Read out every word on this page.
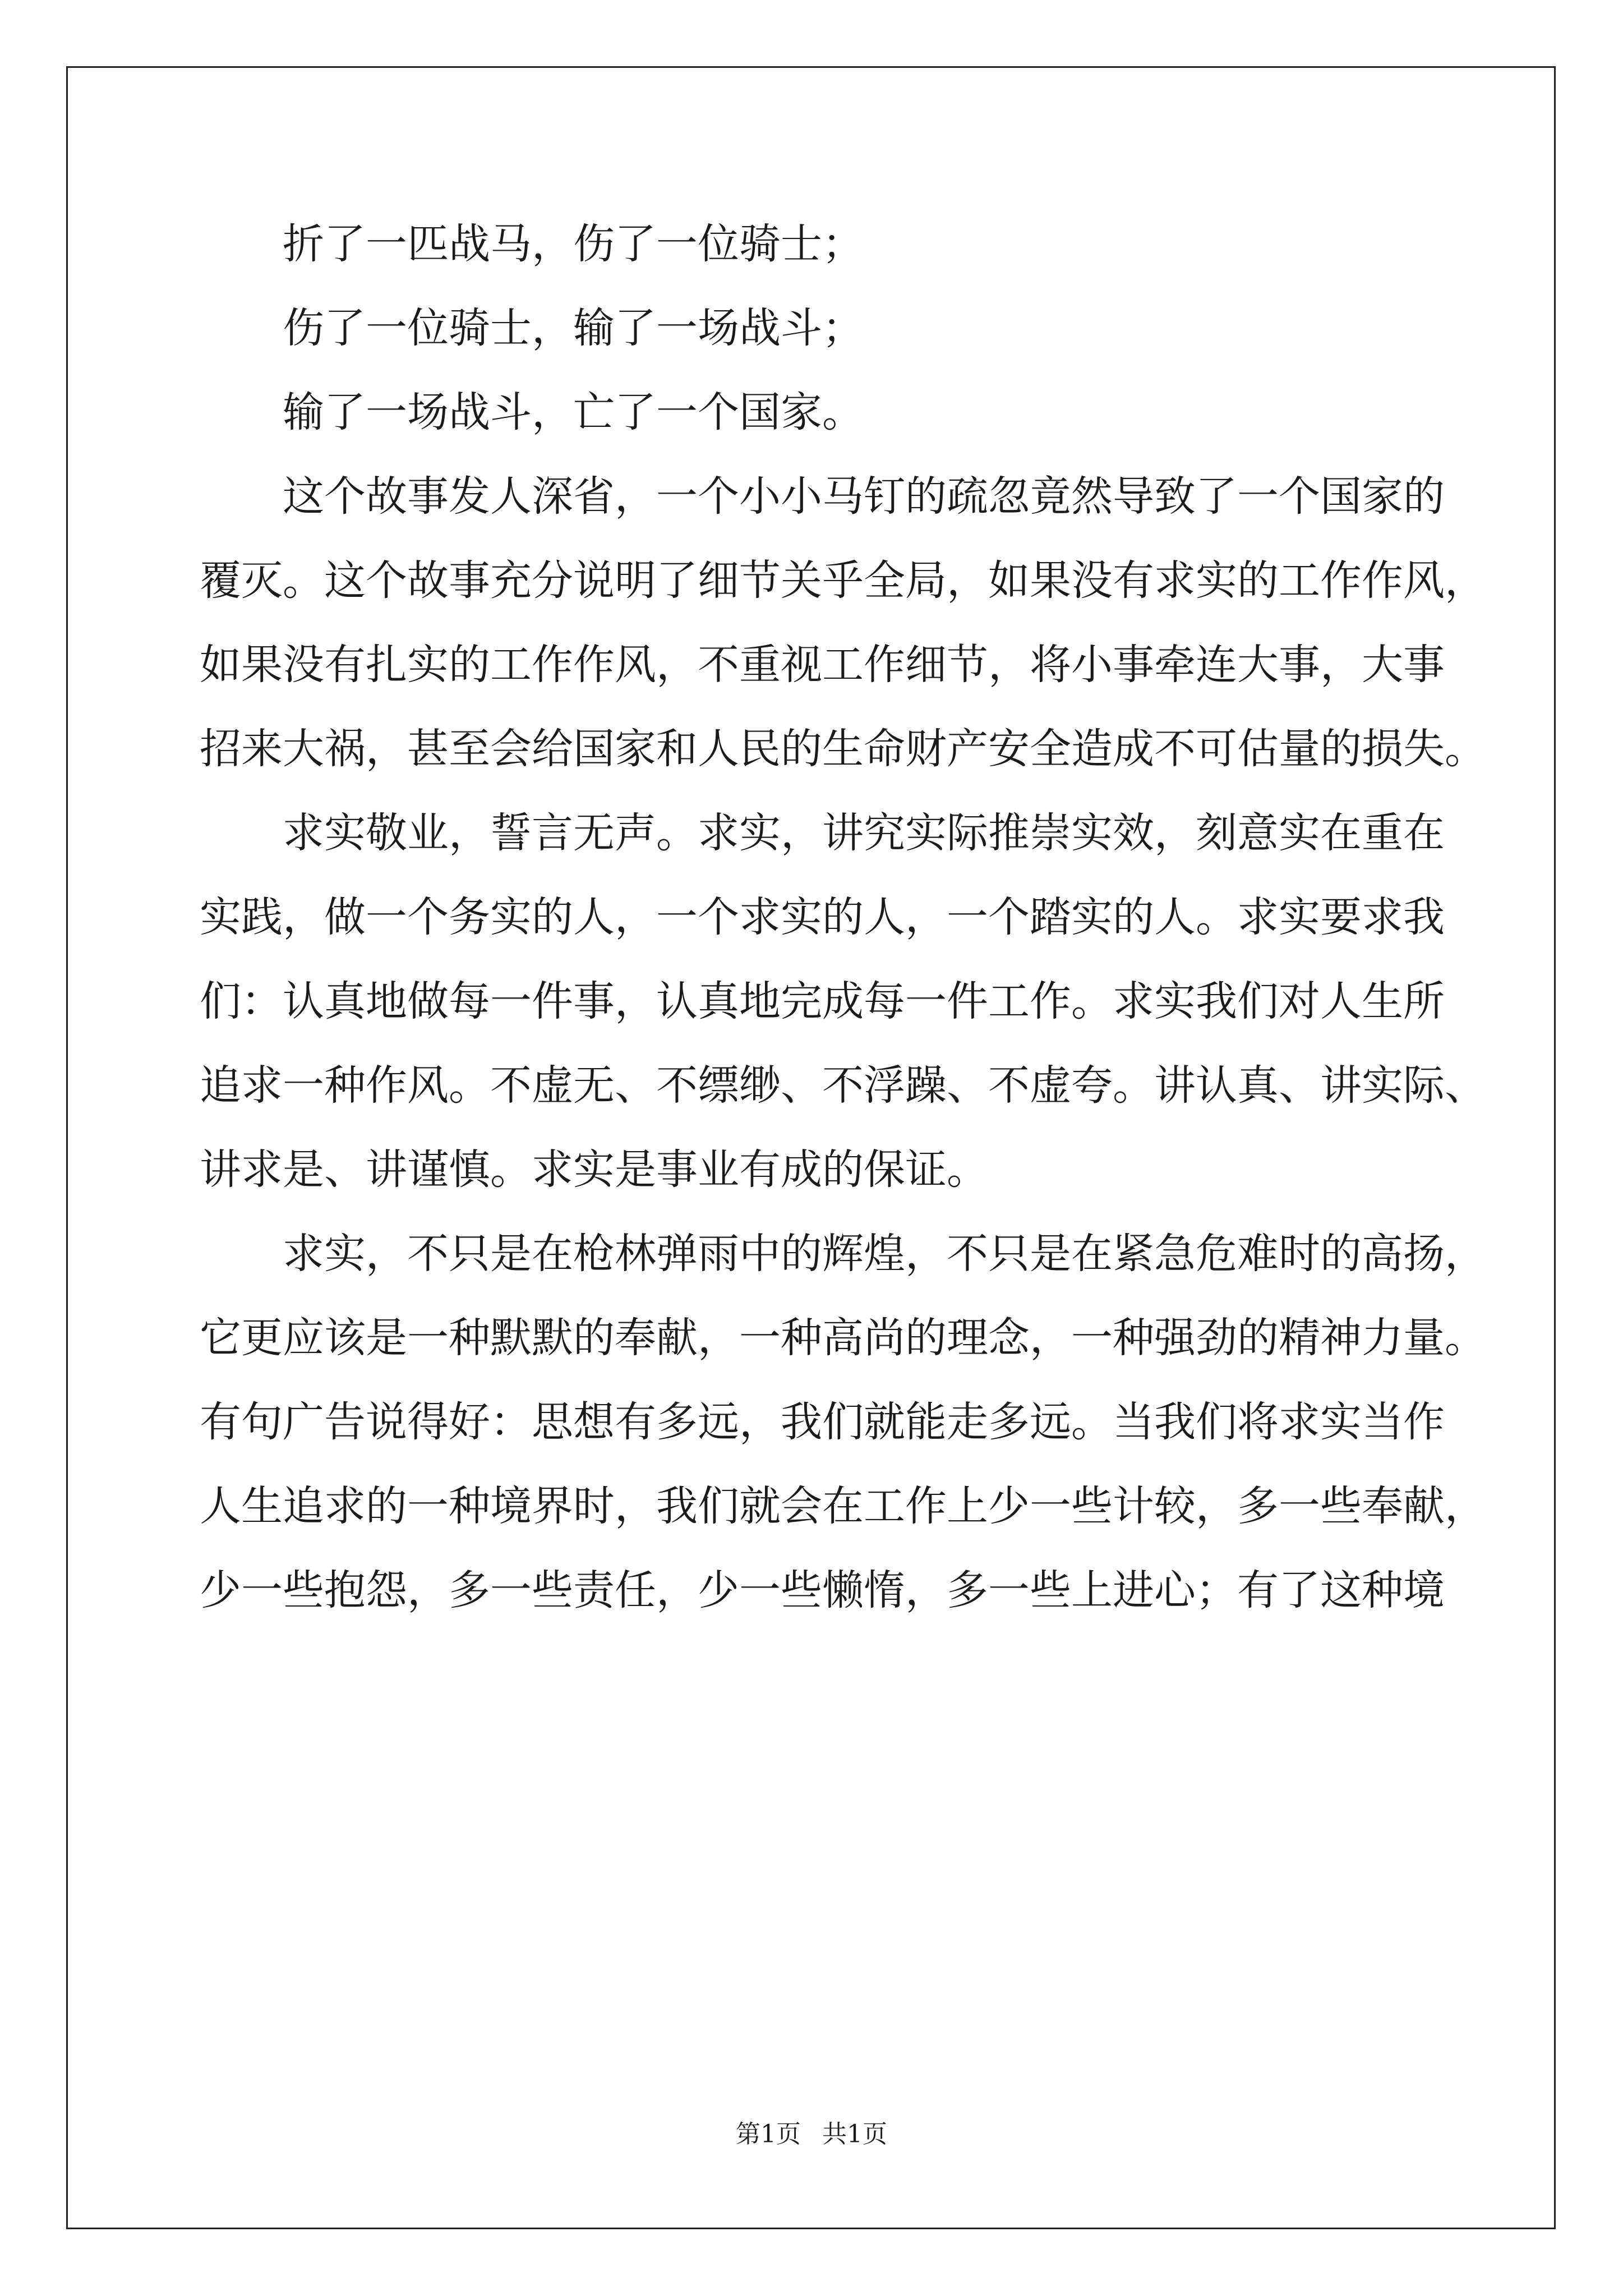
折了一匹战马，伤了一位骑士；
伤了一位骑士，输了一场战斗；
输了一场战斗，亡了一个国家。
这个故事发人深省，一个小小马钉的疏忽竟然导致了一个国家的
覆灭。这个故事充分说明了细节关乎全局，如果没有求实的工作作风，
如果没有扎实的工作作风，不重视工作细节，将小事牵连大事，大事
招来大祸，甚至会给国家和人民的生命财产安全造成不可估量的损失。
求实敬业，誓言无声。求实，讲究实际推崇实效，刻意实在重在
实践，做一个务实的人，一个求实的人，一个踏实的人。求实要求我
们：认真地做每一件事，认真地完成每一件工作。求实我们对人生所
追求一种作风。不虚无、不缥缈、不浮躁、不虚夸。讲认真、讲实际、
讲求是、讲谨慎。求实是事业有成的保证。
求实，不只是在枪林弹雨中的辉煌，不只是在紧急危难时的高扬，
它更应该是一种默默的奉献，一种高尚的理念，一种强劲的精神力量。
有句广告说得好：思想有多远，我们就能走多远。当我们将求实当作
人生追求的一种境界时，我们就会在工作上少一些计较，多一些奉献，
少一些抱怨，多一些责任，少一些懒惰，多一些上进心；有了这种境
第1页 共1页
